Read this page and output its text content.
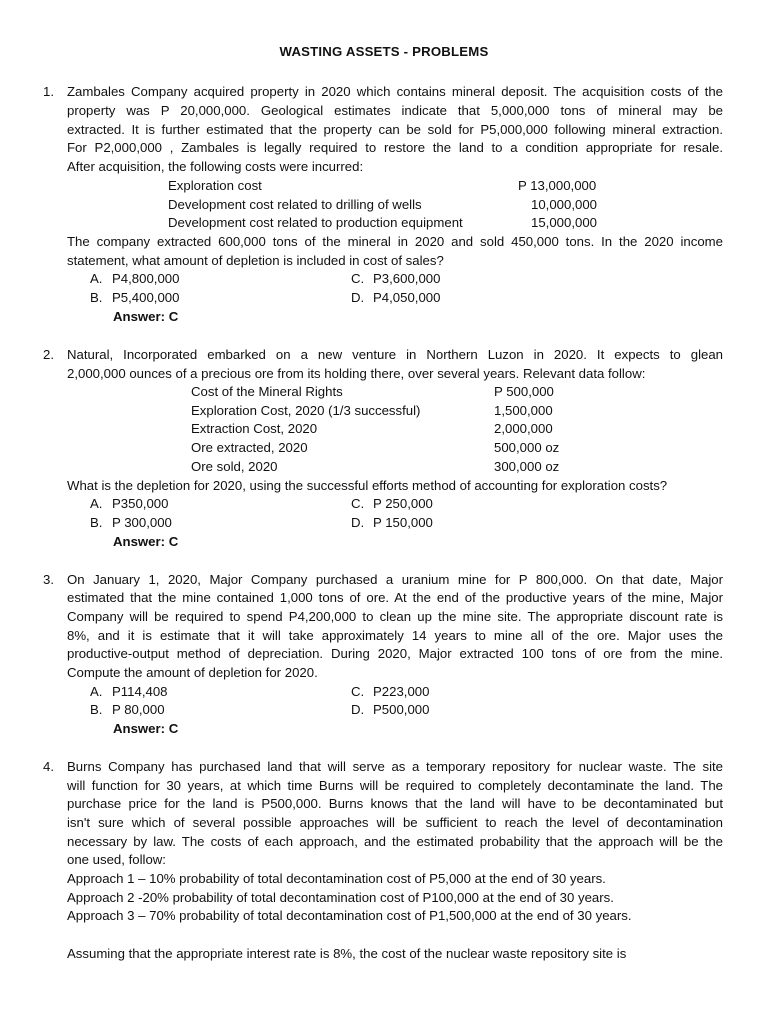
WASTING ASSETS - PROBLEMS
1. Zambales Company acquired property in 2020 which contains mineral deposit. The acquisition costs of the
property was P 20,000,000. Geological estimates indicate that 5,000,000 tons of mineral may be
extracted. It is further estimated that the property can be sold for P5,000,000 following mineral extraction.
For P2,000,000 , Zambales is legally required to restore the land to a condition appropriate for resale.
After acquisition, the following costs were incurred:
Exploration cost	P 13,000,000
Development cost related to drilling of wells	10,000,000
Development cost related to production equipment	15,000,000
The company extracted 600,000 tons of the mineral in 2020 and sold 450,000 tons. In the 2020 income
statement, what amount of depletion is included in cost of sales?
A. P4,800,000	C. P3,600,000
B. P5,400,000	D. P4,050,000
Answer: C
2. Natural, Incorporated embarked on a new venture in Northern Luzon in 2020. It expects to glean
2,000,000 ounces of a precious ore from its holding there, over several years. Relevant data follow:
Cost of the Mineral Rights	P 500,000
Exploration Cost, 2020 (1/3 successful)	1,500,000
Extraction Cost, 2020	2,000,000
Ore extracted, 2020	500,000 oz
Ore sold, 2020	300,000 oz
What is the depletion for 2020, using the successful efforts method of accounting for exploration costs?
A. P350,000	C. P 250,000
B. P 300,000	D. P 150,000
Answer: C
3. On January 1, 2020, Major Company purchased a uranium mine for P 800,000. On that date, Major
estimated that the mine contained 1,000 tons of ore. At the end of the productive years of the mine, Major
Company will be required to spend P4,200,000 to clean up the mine site. The appropriate discount rate is
8%, and it is estimate that it will take approximately 14 years to mine all of the ore. Major uses the
productive-output method of depreciation. During 2020, Major extracted 100 tons of ore from the mine.
Compute the amount of depletion for 2020.
A. P114,408	C. P223,000
B. P 80,000	D. P500,000
Answer: C
4. Burns Company has purchased land that will serve as a temporary repository for nuclear waste. The site
will function for 30 years, at which time Burns will be required to completely decontaminate the land. The
purchase price for the land is P500,000. Burns knows that the land will have to be decontaminated but
isn't sure which of several possible approaches will be sufficient to reach the level of decontamination
necessary by law. The costs of each approach, and the estimated probability that the approach will be the
one used, follow:
Approach 1 – 10% probability of total decontamination cost of P5,000 at the end of 30 years.
Approach 2 -20% probability of total decontamination cost of P100,000 at the end of 30 years.
Approach 3 – 70% probability of total decontamination cost of P1,500,000 at the end of 30 years.
Assuming that the appropriate interest rate is 8%, the cost of the nuclear waste repository site is
